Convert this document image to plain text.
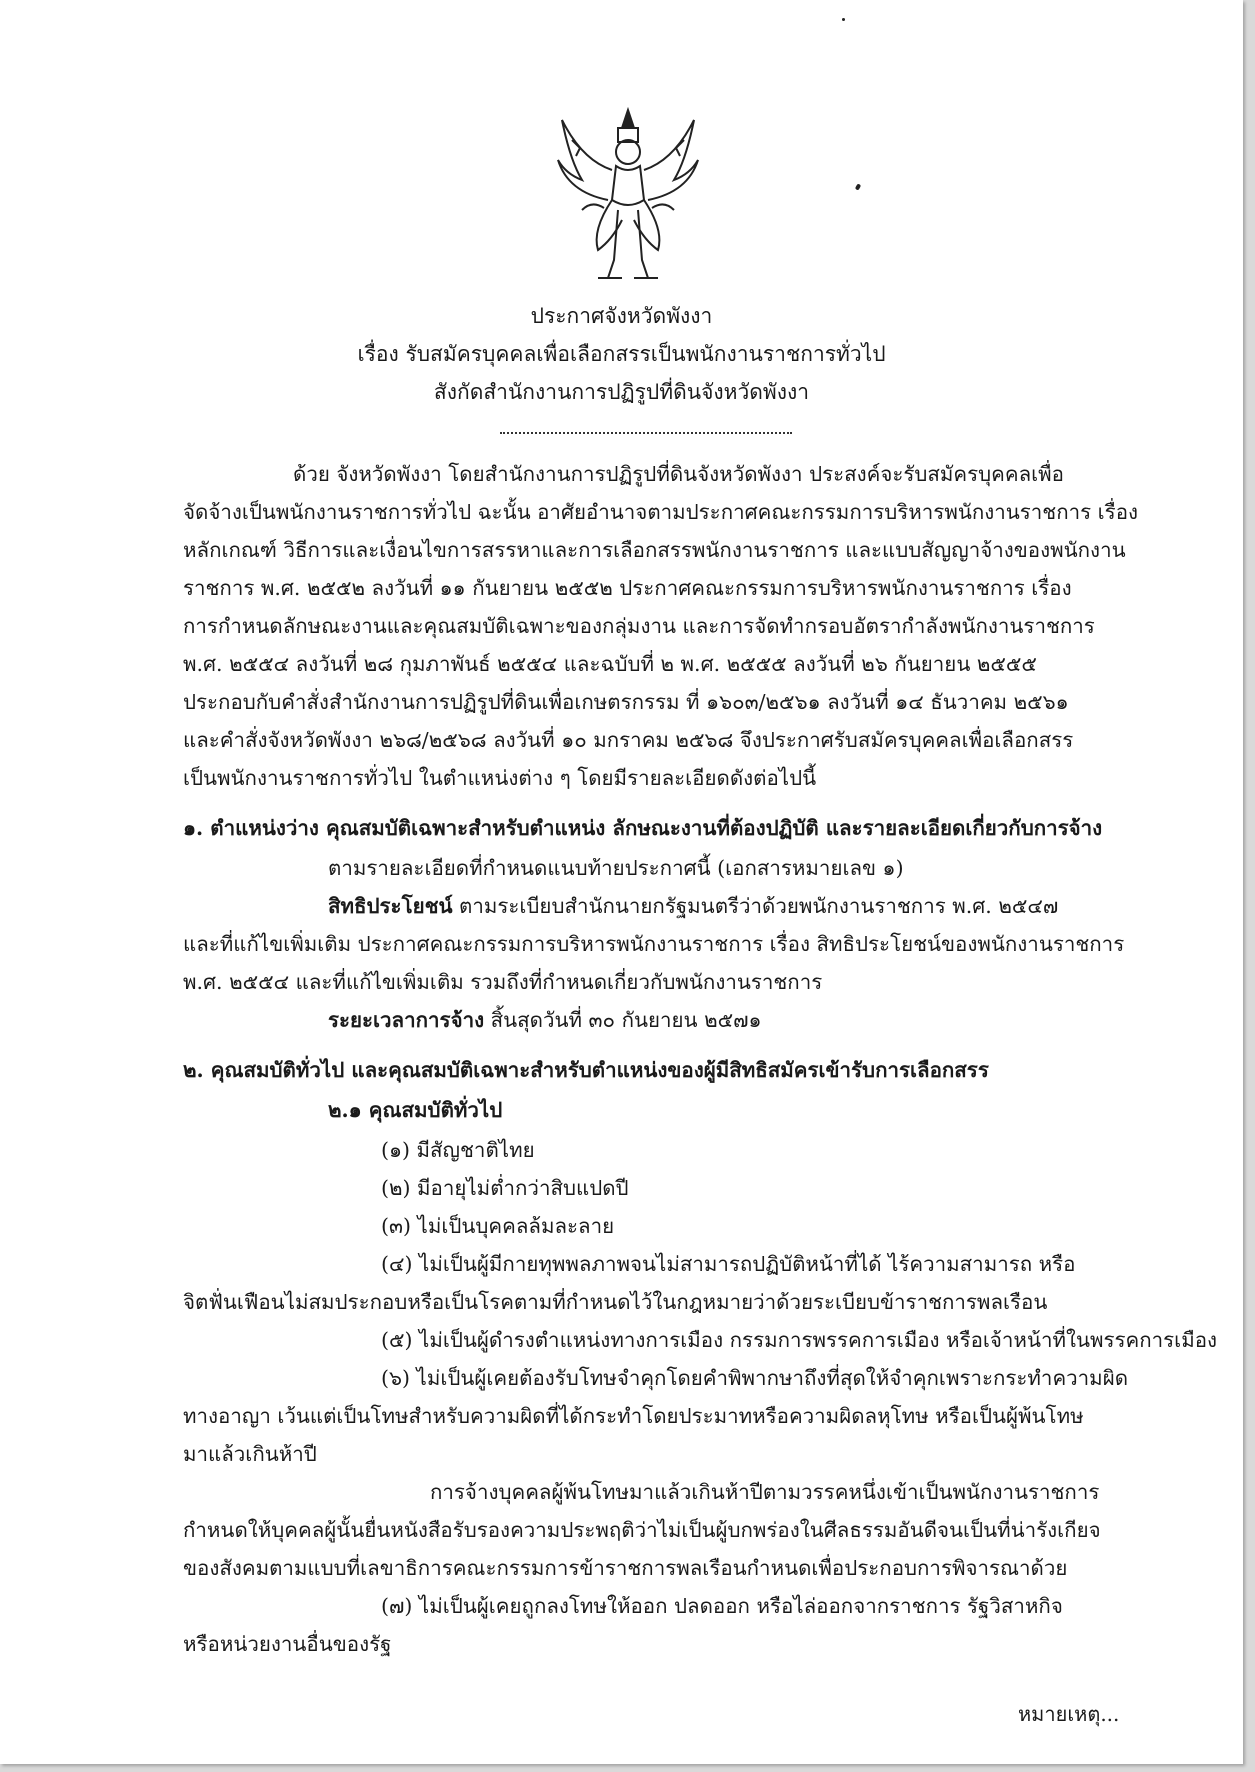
ประกาศจังหวัดพังงา
เรื่อง รับสมัครบุคคลเพื่อเลือกสรรเป็นพนักงานราชการทั่วไป
สังกัดสำนักงานการปฏิรูปที่ดินจังหวัดพังงา
ด้วย จังหวัดพังงา โดยสำนักงานการปฏิรูปที่ดินจังหวัดพังงา ประสงค์จะรับสมัครบุคคลเพื่อ
จัดจ้างเป็นพนักงานราชการทั่วไป ฉะนั้น อาศัยอำนาจตามประกาศคณะกรรมการบริหารพนักงานราชการ เรื่อง
หลักเกณฑ์ วิธีการและเงื่อนไขการสรรหาและการเลือกสรรพนักงานราชการ และแบบสัญญาจ้างของพนักงาน
ราชการ พ.ศ. ๒๕๕๒ ลงวันที่ ๑๑ กันยายน ๒๕๕๒ ประกาศคณะกรรมการบริหารพนักงานราชการ เรื่อง
การกำหนดลักษณะงานและคุณสมบัติเฉพาะของกลุ่มงาน และการจัดทำกรอบอัตรากำลังพนักงานราชการ
พ.ศ. ๒๕๕๔ ลงวันที่ ๒๘ กุมภาพันธ์ ๒๕๕๔ และฉบับที่ ๒ พ.ศ. ๒๕๕๕ ลงวันที่ ๒๖ กันยายน ๒๕๕๕
ประกอบกับคำสั่งสำนักงานการปฏิรูปที่ดินเพื่อเกษตรกรรม ที่ ๑๖๐๓/๒๕๖๑ ลงวันที่ ๑๔ ธันวาคม ๒๕๖๑
และคำสั่งจังหวัดพังงา ๒๖๘/๒๕๖๘ ลงวันที่ ๑๐ มกราคม ๒๕๖๘ จึงประกาศรับสมัครบุคคลเพื่อเลือกสรร
เป็นพนักงานราชการทั่วไป ในตำแหน่งต่าง ๆ โดยมีรายละเอียดดังต่อไปนี้
๑. ตำแหน่งว่าง คุณสมบัติเฉพาะสำหรับตำแหน่ง ลักษณะงานที่ต้องปฏิบัติ และรายละเอียดเกี่ยวกับการจ้าง
ตามรายละเอียดที่กำหนดแนบท้ายประกาศนี้ (เอกสารหมายเลข ๑)
สิทธิประโยชน์ ตามระเบียบสำนักนายกรัฐมนตรีว่าด้วยพนักงานราชการ พ.ศ. ๒๕๔๗
และที่แก้ไขเพิ่มเติม ประกาศคณะกรรมการบริหารพนักงานราชการ เรื่อง สิทธิประโยชน์ของพนักงานราชการ
พ.ศ. ๒๕๕๔ และที่แก้ไขเพิ่มเติม รวมถึงที่กำหนดเกี่ยวกับพนักงานราชการ
ระยะเวลาการจ้าง สิ้นสุดวันที่ ๓๐ กันยายน ๒๕๗๑
๒. คุณสมบัติทั่วไป และคุณสมบัติเฉพาะสำหรับตำแหน่งของผู้มีสิทธิสมัครเข้ารับการเลือกสรร
๒.๑ คุณสมบัติทั่วไป
(๑) มีสัญชาติไทย
(๒) มีอายุไม่ต่ำกว่าสิบแปดปี
(๓) ไม่เป็นบุคคลล้มละลาย
(๔) ไม่เป็นผู้มีกายทุพพลภาพจนไม่สามารถปฏิบัติหน้าที่ได้ ไร้ความสามารถ หรือ
จิตฟั่นเฟือนไม่สมประกอบหรือเป็นโรคตามที่กำหนดไว้ในกฎหมายว่าด้วยระเบียบข้าราชการพลเรือน
(๕) ไม่เป็นผู้ดำรงตำแหน่งทางการเมือง กรรมการพรรคการเมือง หรือเจ้าหน้าที่ในพรรคการเมือง
(๖) ไม่เป็นผู้เคยต้องรับโทษจำคุกโดยคำพิพากษาถึงที่สุดให้จำคุกเพราะกระทำความผิด
ทางอาญา เว้นแต่เป็นโทษสำหรับความผิดที่ได้กระทำโดยประมาทหรือความผิดลหุโทษ หรือเป็นผู้พ้นโทษ
มาแล้วเกินห้าปี
การจ้างบุคคลผู้พ้นโทษมาแล้วเกินห้าปีตามวรรคหนึ่งเข้าเป็นพนักงานราชการ
กำหนดให้บุคคลผู้นั้นยื่นหนังสือรับรองความประพฤติว่าไม่เป็นผู้บกพร่องในศีลธรรมอันดีจนเป็นที่น่ารังเกียจ
ของสังคมตามแบบที่เลขาธิการคณะกรรมการข้าราชการพลเรือนกำหนดเพื่อประกอบการพิจารณาด้วย
(๗) ไม่เป็นผู้เคยถูกลงโทษให้ออก ปลดออก หรือไล่ออกจากราชการ รัฐวิสาหกิจ
หรือหน่วยงานอื่นของรัฐ
หมายเหตุ...
